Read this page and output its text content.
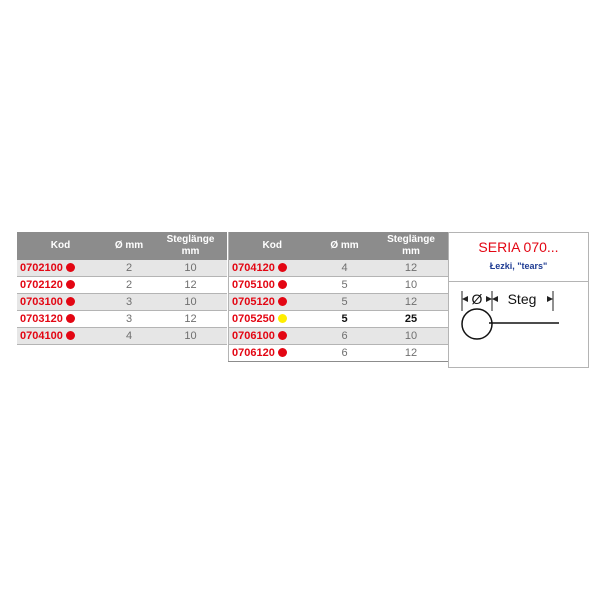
Kod	Ø mm	Steglänge
mm
0702100	2	10
0702120	2	12
0703100	3	10
0703120	3	12
0704100	4	10
Kod	Ø mm	Steglänge
mm
0704120	4	12
0705100	5	10
0705120	5	12
0705250	5	25
0706100	6	10
0706120	6	12
SERIA 070...
Łezki, "tears"
Ø Steg
